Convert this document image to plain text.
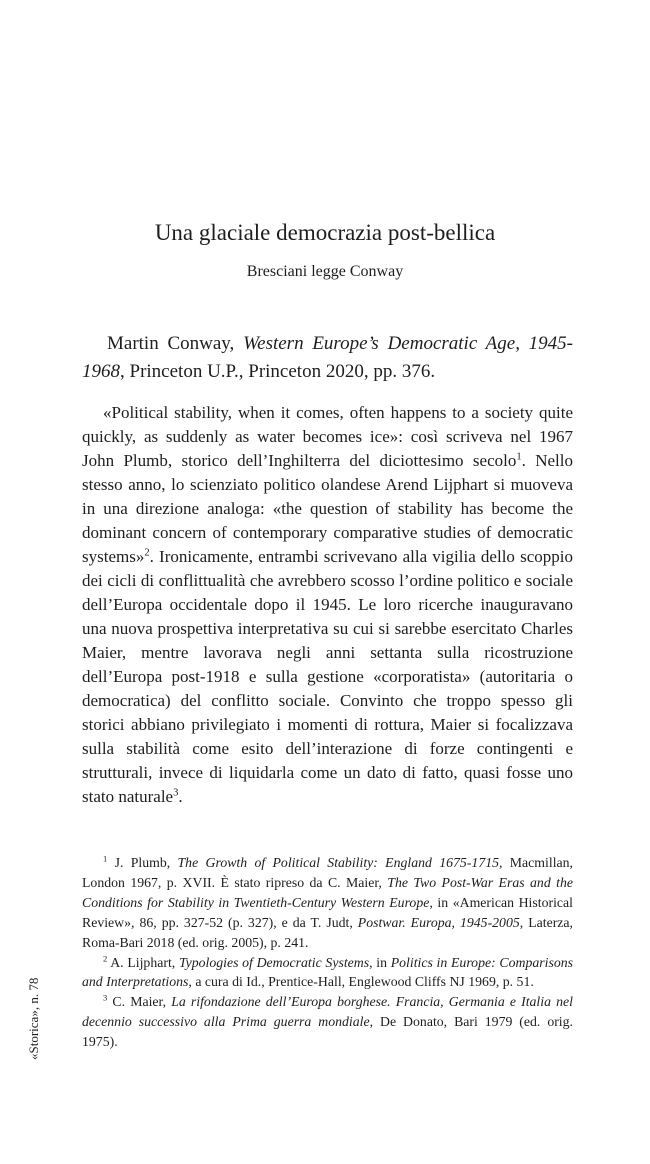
Una glaciale democrazia post-bellica
Bresciani legge Conway

Martin Conway, Western Europe’s Democratic Age, 1945-1968, Princeton U.P., Princeton 2020, pp. 376.

«Political stability, when it comes, often happens to a society quite quickly, as suddenly as water becomes ice»: così scriveva nel 1967 John Plumb, storico dell’Inghilterra del diciottesimo secolo$^1$. Nello stesso anno, lo scienziato politico olandese Arend Lijphart si muoveva in una direzione analoga: «the question of stability has become the dominant concern of contemporary comparative studies of democratic systems»$^2$. Ironicamente, entrambi scrivevano alla vigilia dello scoppio dei cicli di conflittualità che avrebbero scosso l’ordine politico e sociale dell’Europa occidentale dopo il 1945. Le loro ricerche inauguravano una nuova prospettiva interpretativa su cui si sarebbe esercitato Charles Maier, mentre lavorava negli anni settanta sulla ricostruzione dell’Europa post-1918 e sulla gestione «corporatista» (autoritaria o democratica) del conflitto sociale. Convinto che troppo spesso gli storici abbiano privilegiato i momenti di rottura, Maier si focalizzava sulla stabilità come esito dell’interazione di forze contingenti e strutturali, invece di liquidarla come un dato di fatto, quasi fosse uno stato naturale$^3$.

$^1$ J. Plumb, The Growth of Political Stability: England 1675-1715, Macmillan, London 1967, p. XVII. È stato ripreso da C. Maier, The Two Post-War Eras and the Conditions for Stability in Twentieth-Century Western Europe, in «American Historical Review», 86, pp. 327-52 (p. 327), e da T. Judt, Postwar. Europa, 1945-2005, Laterza, Roma-Bari 2018 (ed. orig. 2005), p. 241.

$^2$ A. Lijphart, Typologies of Democratic Systems, in Politics in Europe: Comparisons and Interpretations, a cura di Id., Prentice-Hall, Englewood Cliffs NJ 1969, p. 51.

$^3$ C. Maier, La rifondazione dell’Europa borghese. Francia, Germania e Italia nel decennio successivo alla Prima guerra mondiale, De Donato, Bari 1979 (ed. orig. 1975).

«Storica», n. 78
